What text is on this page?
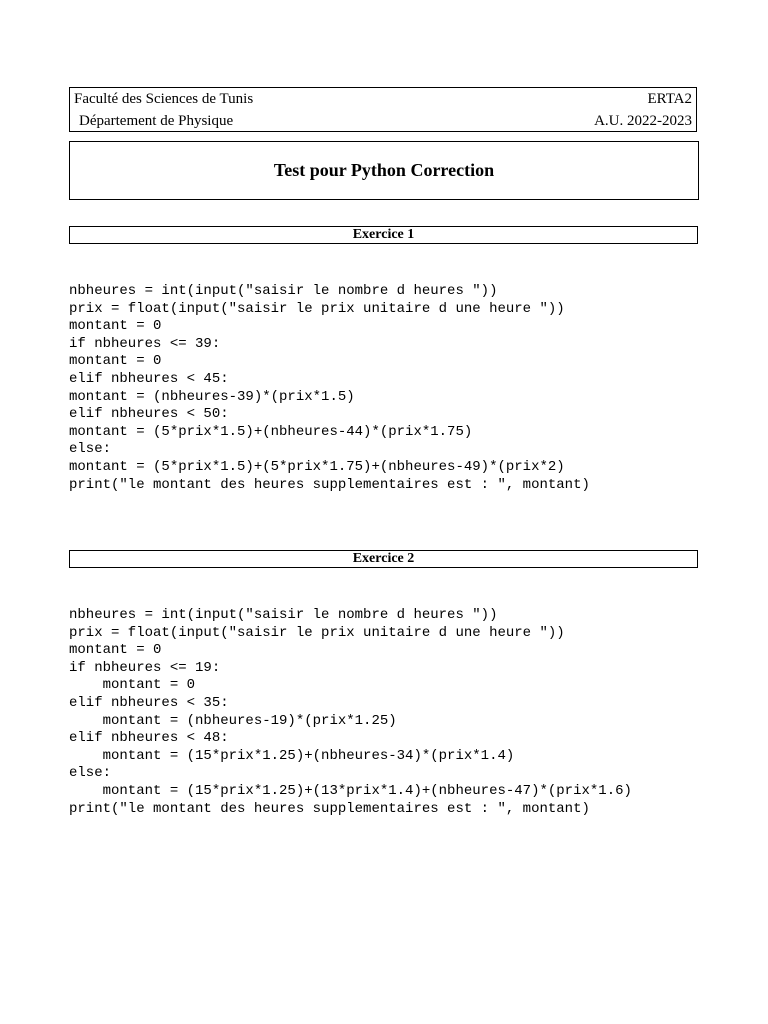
Faculté des Sciences de Tunis	ERTA2
Département de Physique	A.U. 2022-2023
Test pour Python Correction
Exercice 1
nbheures = int(input("saisir le nombre d heures "))
prix = float(input("saisir le prix unitaire d une heure "))
montant = 0
if nbheures <= 39:
montant = 0
elif nbheures < 45:
montant = (nbheures-39)*(prix*1.5)
elif nbheures < 50:
montant = (5*prix*1.5)+(nbheures-44)*(prix*1.75)
else:
montant = (5*prix*1.5)+(5*prix*1.75)+(nbheures-49)*(prix*2)
print("le montant des heures supplementaires est : ", montant)
Exercice 2
nbheures = int(input("saisir le nombre d heures "))
prix = float(input("saisir le prix unitaire d une heure "))
montant = 0
if nbheures <= 19:
montant = 0
elif nbheures < 35:
montant = (nbheures-19)*(prix*1.25)
elif nbheures < 48:
montant = (15*prix*1.25)+(nbheures-34)*(prix*1.4)
else:
montant = (15*prix*1.25)+(13*prix*1.4)+(nbheures-47)*(prix*1.6)
print("le montant des heures supplementaires est : ", montant)
